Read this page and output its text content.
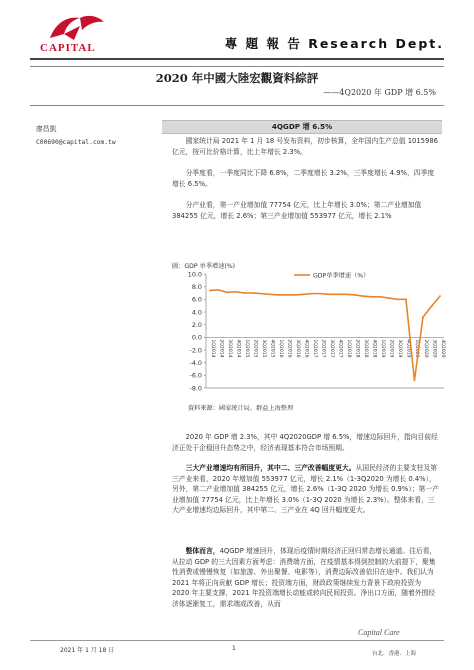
CAPITAL	專 題 報 告 Research Dept.
2020 年中國大陸宏觀資料綜評
——4Q2020 年 GDP 增 6.5%
廖昌凱
C00690@capital.com.tw
4QGDP 增 6.5%
國家统计局 2021 年 1 月 18 号发布资料，初步核算，全年国内生产总值 1015986 亿元，按可比价格计算，比上年增长 2.3%。
分季度看，一季度同比下降 6.8%，二季度增长 3.2%，三季度增长 4.9%，四季度增长 6.5%。
分产业看，第一产业增加值 77754 亿元，比上年增长 3.0%；第二产业增加值 384255 亿元，增长 2.6%；第三产业增加值 553977 亿元，增长 2.1%
圖：GDP 单季增速(%)
10.0
8.0
6.0
4.0
2.0
0.0
-2.0
-4.0
-6.0
-8.0
1Q2014 2Q2014 3Q2014 4Q2014 1Q2015 2Q2015 3Q2015 4Q2015 1Q2016 2Q2016 3Q2016 4Q2016 1Q2017 2Q2017 3Q2017 4Q2017 1Q2018 2Q2018 3Q2018 4Q2018 1Q2019 2Q2019 3Q2019 4Q2019 1Q2020 2Q2020 3Q2020 4Q2020
GDP单季增速（%）
資料來源：國家统计局，群益上海整理
2020 年 GDP 增 2.3%，其中 4Q2020GDP 增 6.5%，增速边际回升，指向目前经济正处于企稳回升态势之中，经济表现基本符合市场预期。
三大产业增速均有所回升，其中二、三产改善幅度更大。从国民经济的主要支柱及第三产业来看，2020 年增加值 553977 亿元，增长 2.1%（1-3Q2020 为增长 0.4%），另外，第二产业增加值 384255 亿元，增长 2.6%（1-3Q 2020 为增长 0.9%）；第一产业增加值 77754 亿元，比上年增长 3.0%（1-3Q 2020 为增长 2.3%）。整体来看，三大产业增速均边际回升，其中第二、三产业在 4Q 回升幅度更大。
整体而言，4QGDP 增速回升，体现后疫情时期经济正回归常态增长通道。往后看，从拉动 GDP 的三大因素方面考虑：消费端方面，在疫情基本得到控制的大前提下，聚集性消费或慢慢恢复（如旅游、外出聚餐、电影等），消费边际改善依旧在途中。我们认为 2021 年将正向贡献 GDP 增长；投资端方面，财政政策继续发力背景下政府投资为 2020 年主要支撑，2021 年投资端增长动能或转向民间投资。净出口方面，随着外围经济体逐渐复工，需求端或改善，从而
2021 年 1 月 18 日	1
Capital Care
台北．香港．上海
